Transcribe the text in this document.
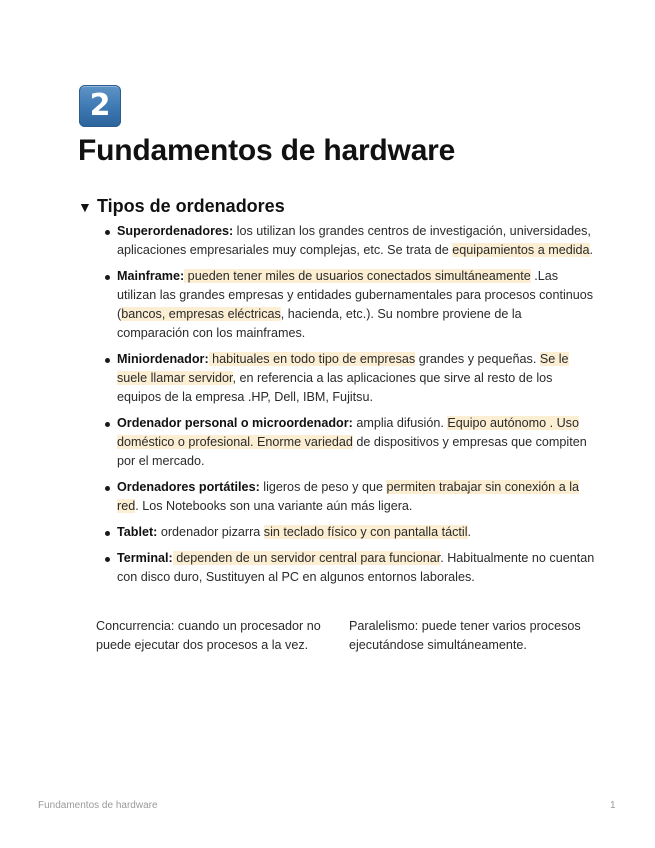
2
Fundamentos de hardware
▼ Tipos de ordenadores
Superordenadores: los utilizan los grandes centros de investigación, universidades, aplicaciones empresariales muy complejas, etc. Se trata de equipamientos a medida.
Mainframe: pueden tener miles de usuarios conectados simultáneamente .Las utilizan las grandes empresas y entidades gubernamentales para procesos continuos (bancos, empresas eléctricas, hacienda, etc.). Su nombre proviene de la comparación con los mainframes.
Miniordenador: habituales en todo tipo de empresas grandes y pequeñas. Se le suele llamar servidor, en referencia a las aplicaciones que sirve al resto de los equipos de la empresa .HP, Dell, IBM, Fujitsu.
Ordenador personal o microordenador: amplia difusión. Equipo autónomo . Uso doméstico o profesional. Enorme variedad de dispositivos y empresas que compiten por el mercado.
Ordenadores portátiles: ligeros de peso y que permiten trabajar sin conexión a la red. Los Notebooks son una variante aún más ligera.
Tablet: ordenador pizarra sin teclado físico y con pantalla táctil.
Terminal: dependen de un servidor central para funcionar. Habitualmente no cuentan con disco duro, Sustituyen al PC en algunos entornos laborales.
Concurrencia: cuando un procesador no puede ejecutar dos procesos a la vez.
Paralelismo: puede tener varios procesos ejecutándose simultáneamente.
Fundamentos de hardware	1
